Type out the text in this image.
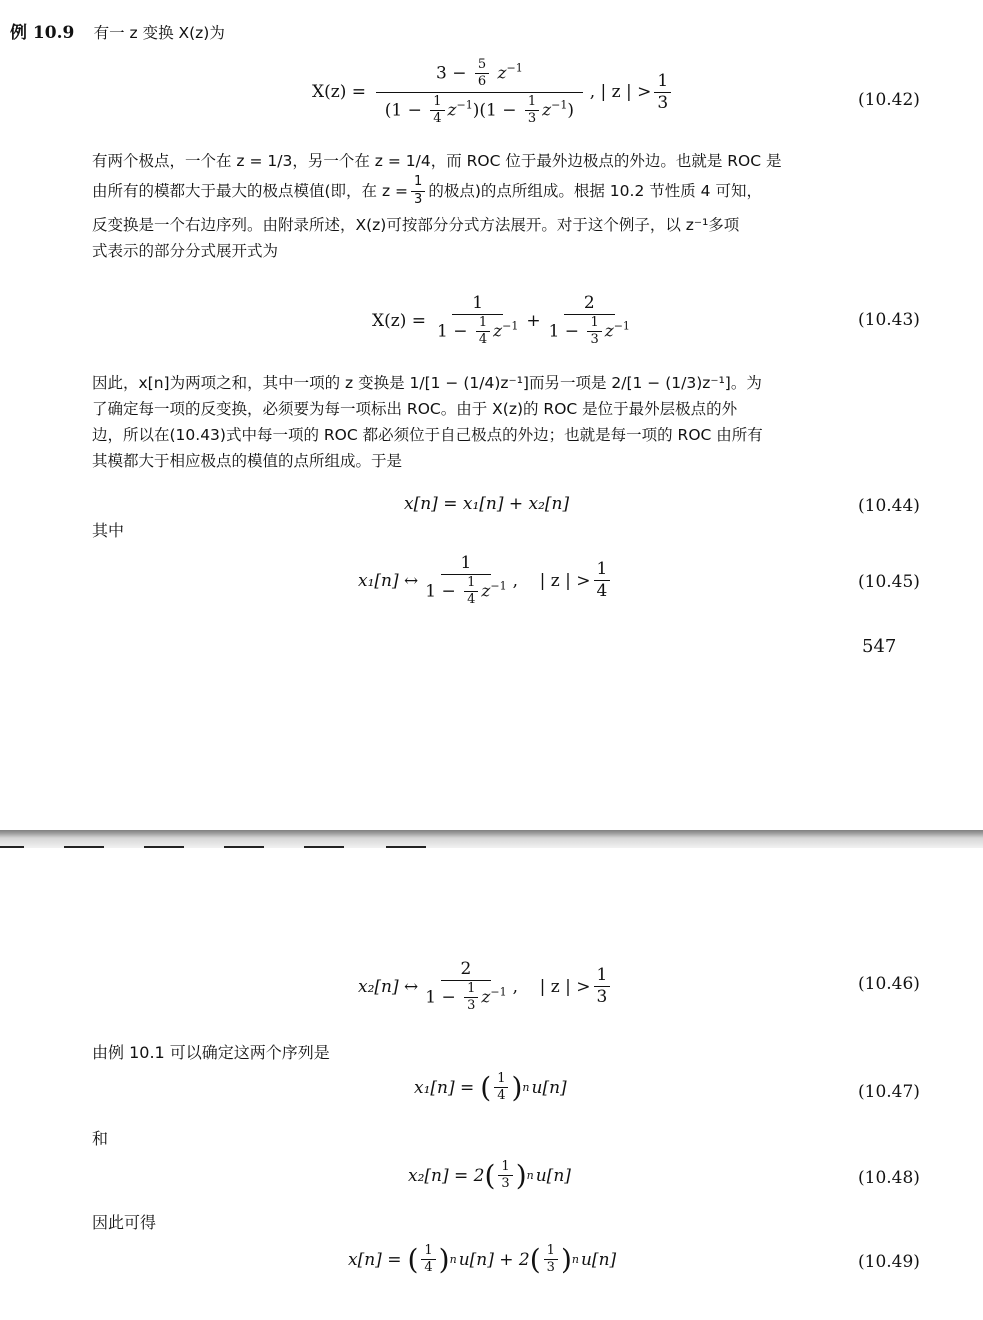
例 10.9 有一 z 变换 X(z)为
X(z) =
$3 - \frac{5}{6} z^{-1}$
$(1 - \frac{1}{4} z^{-1})(1 - \frac{1}{3} z^{-1})$
, | z | > $\frac{1}{3}$	(10.42)

有两个极点，一个在 z = 1/3，另一个在 z = 1/4，而 ROC 位于最外边极点的外边。也就是 ROC 是

由所有的模都大于最大的极点模值(即，在 $z = \frac{1}{3}$ 的极点)的点所组成。根据 10.2 节性质 4 可知，

反变换是一个右边序列。由附录所述，X(z)可按部分分式方法展开。对于这个例子，以 z⁻¹多项

式表示的部分分式展开式为

$X(z) = \frac{1}{1 - \frac{1}{4} z^{-1}} + \frac{2}{1 - \frac{1}{3} z^{-1}}$	(10.43)

因此，x[n]为两项之和，其中一项的 z 变换是 1/[1 − (1/4)z⁻¹]而另一项是 2/[1 − (1/3)z⁻¹]。为

了确定每一项的反变换，必须要为每一项标出 ROC。由于 X(z)的 ROC 是位于最外层极点的外

边，所以在(10.43)式中每一项的 ROC 都必须位于自己极点的外边；也就是每一项的 ROC 由所有

其模都大于相应极点的模值的点所组成。于是

x[n] = x₁[n] + x₂[n]	(10.44)
其中
x₁[n] ↔ $\frac{1}{1 - \frac{1}{4} z^{-1}}$ ,    | z | > $\frac{1}{4}$	(10.45)
547
x₂[n] ↔ $\frac{2}{1 - \frac{1}{3} z^{-1}}$ ,    | z | > $\frac{1}{3}$	(10.46)
由例 10.1 可以确定这两个序列是
x₁[n] = ( $\frac{1}{4}$ ) n u[n]	(10.47)
和
x₂[n] = 2 ( $\frac{1}{3}$ ) n u[n]	(10.48)
因此可得
x[n] = ( $\frac{1}{4}$ ) n u[n] + 2 ( $\frac{1}{3}$ ) n u[n]	(10.49)
